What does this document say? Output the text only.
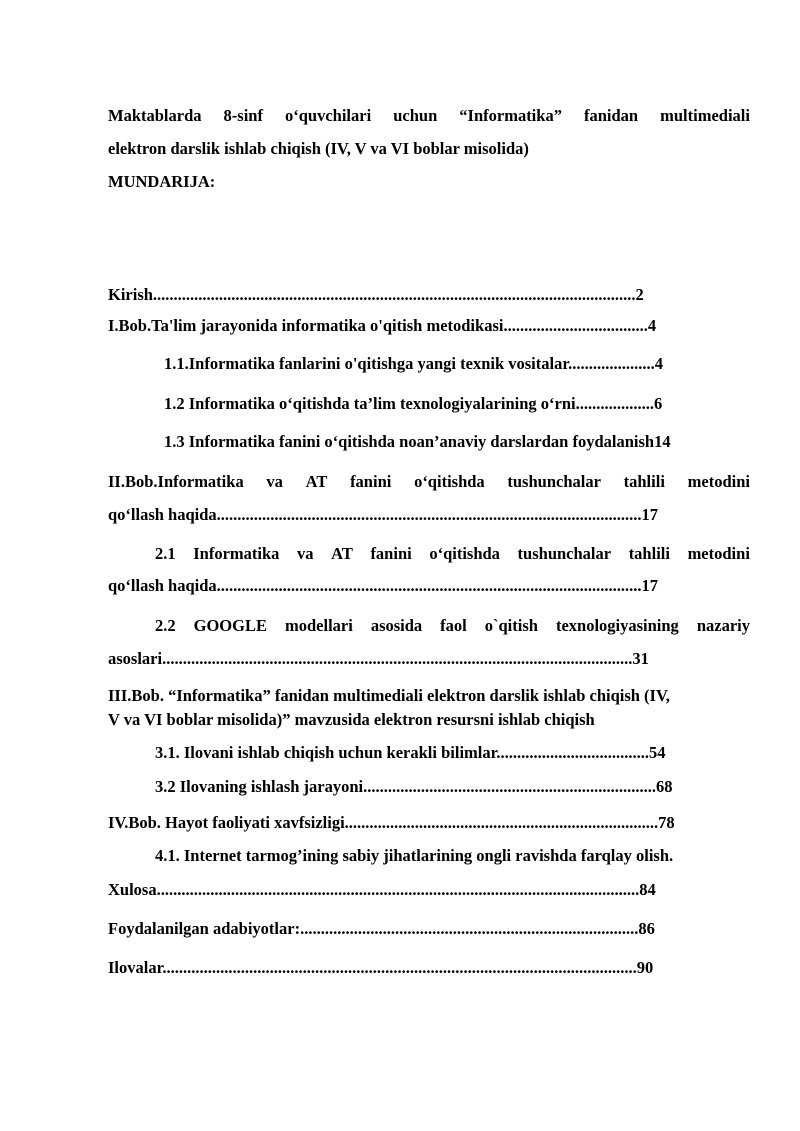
Maktablarda 8-sinf o‘quvchilari uchun “Informatika” fanidan multimediali
elektron darslik ishlab chiqish (IV, V va VI boblar misolida)
MUNDARIJA:
Kirish.....................................................................................................................2
I.Bob.Ta'lim jarayonida informatika o'qitish metodikasi...................................4
1.1.Informatika fanlarini o'qitishga yangi texnik vositalar.....................4
1.2 Informatika o‘qitishda ta’lim texnologiyalarining o‘rni...................6
1.3 Informatika fanini o‘qitishda noan’anaviy darslardan foydalanish14
II.Bob.Informatika va AT fanini o‘qitishda tushunchalar tahlili metodini
qo‘llash haqida.......................................................................................................17
2.1 Informatika va AT fanini o‘qitishda tushunchalar tahlili metodini
qo‘llash haqida.......................................................................................................17
2.2 GOOGLE modellari asosida faol o`qitish texnologiyasining nazariy
asoslari..................................................................................................................31
III.Bob. “Informatika” fanidan multimediali elektron darslik ishlab chiqish (IV,
V va VI boblar misolida)” mavzusida elektron resursni ishlab chiqish
3.1. Ilovani ishlab chiqish uchun kerakli bilimlar.....................................54
3.2 Ilovaning ishlash jarayoni.......................................................................68
IV.Bob. Hayot faoliyati xavfsizligi............................................................................78
4.1. Internet tarmog’ining sabiy jihatlarining ongli ravishda farqlay olish.
Xulosa.....................................................................................................................84
Foydalanilgan adabiyotlar:..................................................................................86
Ilovalar...................................................................................................................90
